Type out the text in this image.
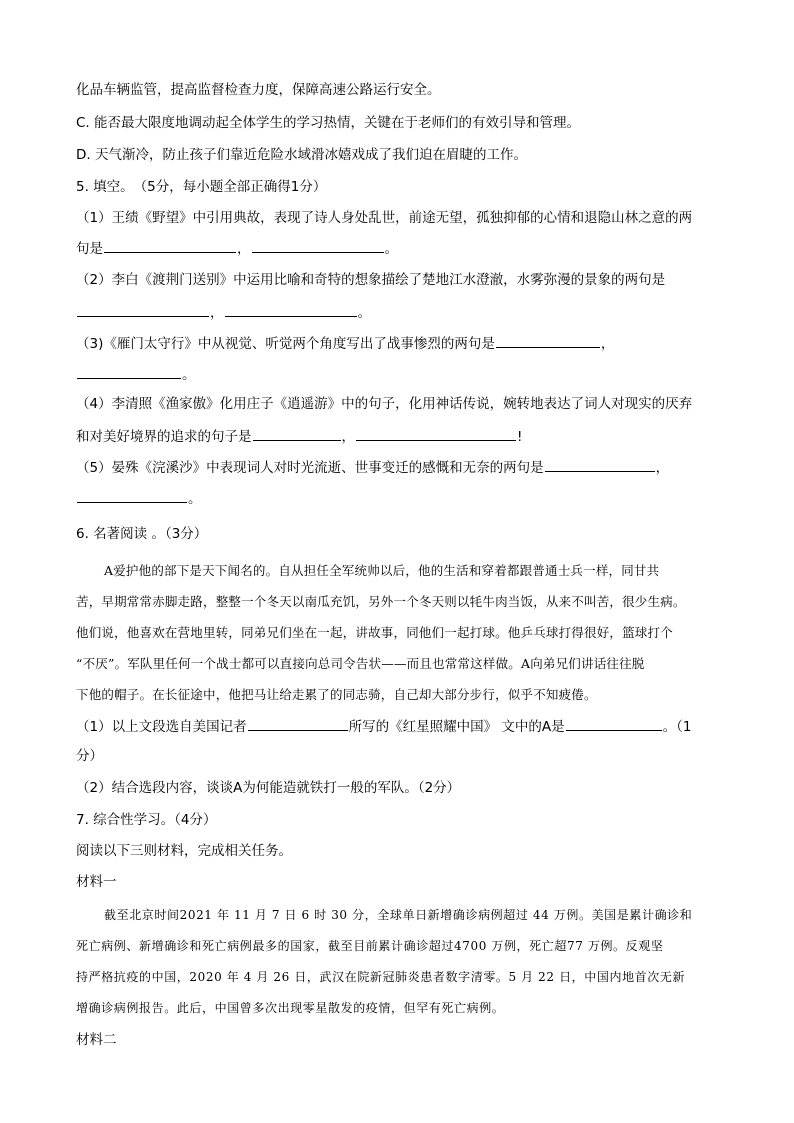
化品车辆监管，提高监督检查力度，保障高速公路运行安全。
C. 能否最大限度地调动起全体学生的学习热情，关键在于老师们的有效引导和管理。
D. 天气渐冷，防止孩子们靠近危险水域滑冰嬉戏成了我们迫在眉睫的工作。
5. 填空。　（5分，每小题全部正确得1分）
（1）王绩《野望》中引用典故，表现了诗人身处乱世，前途无望，孤独抑郁的心情和退隐山林之意的两
句是	，	。
（2）李白《渡荆门送别》中运用比喻和奇特的想象描绘了楚地江水澄澈，水雾弥漫的景象的两句是
，	。
（3)《雁门太守行》中从视觉、听觉两个角度写出了战事惨烈的两句是	，
。
（4）李清照《渔家傲》化用庄子《逍遥游》中的句子，化用神话传说，婉转地表达了词人对现实的厌弃
和对美好境界的追求的句子是	，	!
（5）晏殊《浣溪沙》中表现词人对时光流逝、世事变迁的感慨和无奈的两句是	，
。
6. 名著阅读 。（3分）
A爱护他的部下是天下闻名的。自从担任全军统帅以后，他的生活和穿着都跟普通士兵一样，同甘共
苦，早期常常赤脚走路，整整一个冬天以南瓜充饥，另外一个冬天则以牦牛肉当饭，从来不叫苦，很少生病。
他们说，他喜欢在营地里转，同弟兄们坐在一起，讲故事，同他们一起打球。他乒乓球打得很好，篮球打个
“不厌”。军队里任何一个战士都可以直接向总司令告状——而且也常常这样做。A向弟兄们讲话往往脱
下他的帽子。在长征途中，他把马让给走累了的同志骑，自己却大部分步行，似乎不知疲倦。
（1）以上文段选自美国记者	所写的《红星照耀中国》 文中的A是	。（1
分）
（2）结合选段内容，谈谈A为何能造就铁打一般的军队。（2分）
7. 综合性学习。（4分）
阅读以下三则材料，完成相关任务。
材料一
截至北京时间2021 年 11 月 7 日 6 时 30 分，全球单日新增确诊病例超过 44 万例。美国是累计确诊和
死亡病例、新增确诊和死亡病例最多的国家，截至目前累计确诊超过4700 万例，死亡超77 万例。反观坚
持严格抗疫的中国，2020 年 4 月 26 日，武汉在院新冠肺炎患者数字清零。5 月 22 日，中国内地首次无新
增确诊病例报告。此后，中国曾多次出现零星散发的疫情，但罕有死亡病例。
材料二
